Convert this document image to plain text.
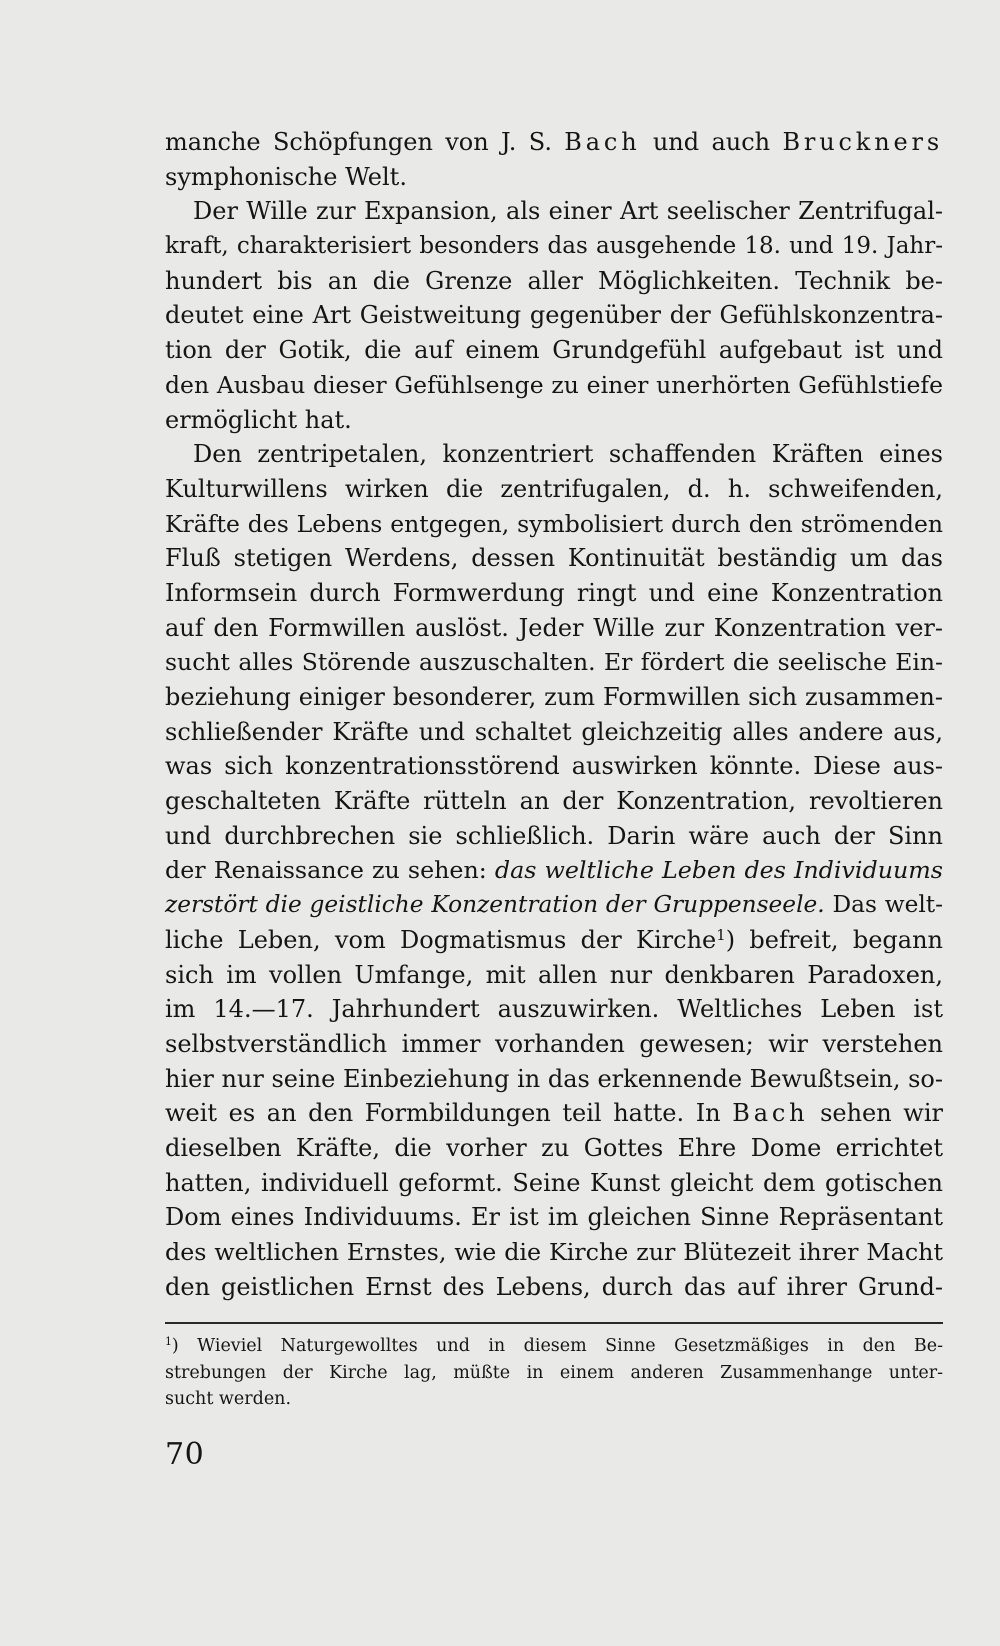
manche Schöpfungen von J. S. Bach und auch Bruckners
symphonische Welt.
Der Wille zur Expansion, als einer Art seelischer Zentrifugal-
kraft, charakterisiert besonders das ausgehende 18. und 19. Jahr-
hundert bis an die Grenze aller Möglichkeiten. Technik be-
deutet eine Art Geistweitung gegenüber der Gefühlskonzentra-
tion der Gotik, die auf einem Grundgefühl aufgebaut ist und
den Ausbau dieser Gefühlsenge zu einer unerhörten Gefühlstiefe
ermöglicht hat.
Den zentripetalen, konzentriert schaffenden Kräften eines
Kulturwillens wirken die zentrifugalen, d. h. schweifenden,
Kräfte des Lebens entgegen, symbolisiert durch den strömenden
Fluß stetigen Werdens, dessen Kontinuität beständig um das
Informsein durch Formwerdung ringt und eine Konzentration
auf den Formwillen auslöst. Jeder Wille zur Konzentration ver-
sucht alles Störende auszuschalten. Er fördert die seelische Ein-
beziehung einiger besonderer, zum Formwillen sich zusammen-
schließender Kräfte und schaltet gleichzeitig alles andere aus,
was sich konzentrationsstörend auswirken könnte. Diese aus-
geschalteten Kräfte rütteln an der Konzentration, revoltieren
und durchbrechen sie schließlich. Darin wäre auch der Sinn
der Renaissance zu sehen: das weltliche Leben des Individuums
zerstört die geistliche Konzentration der Gruppenseele. Das welt-
liche Leben, vom Dogmatismus der Kirche$^1$) befreit, begann
sich im vollen Umfange, mit allen nur denkbaren Paradoxen,
im 14.—17. Jahrhundert auszuwirken. Weltliches Leben ist
selbstverständlich immer vorhanden gewesen; wir verstehen
hier nur seine Einbeziehung in das erkennende Bewußtsein, so-
weit es an den Formbildungen teil hatte. In Bach sehen wir
dieselben Kräfte, die vorher zu Gottes Ehre Dome errichtet
hatten, individuell geformt. Seine Kunst gleicht dem gotischen
Dom eines Individuums. Er ist im gleichen Sinne Repräsentant
des weltlichen Ernstes, wie die Kirche zur Blütezeit ihrer Macht
den geistlichen Ernst des Lebens, durch das auf ihrer Grund-
$^1$) Wieviel Naturgewolltes und in diesem Sinne Gesetzmäßiges in den Be-
strebungen der Kirche lag, müßte in einem anderen Zusammenhange unter-
sucht werden.
70
